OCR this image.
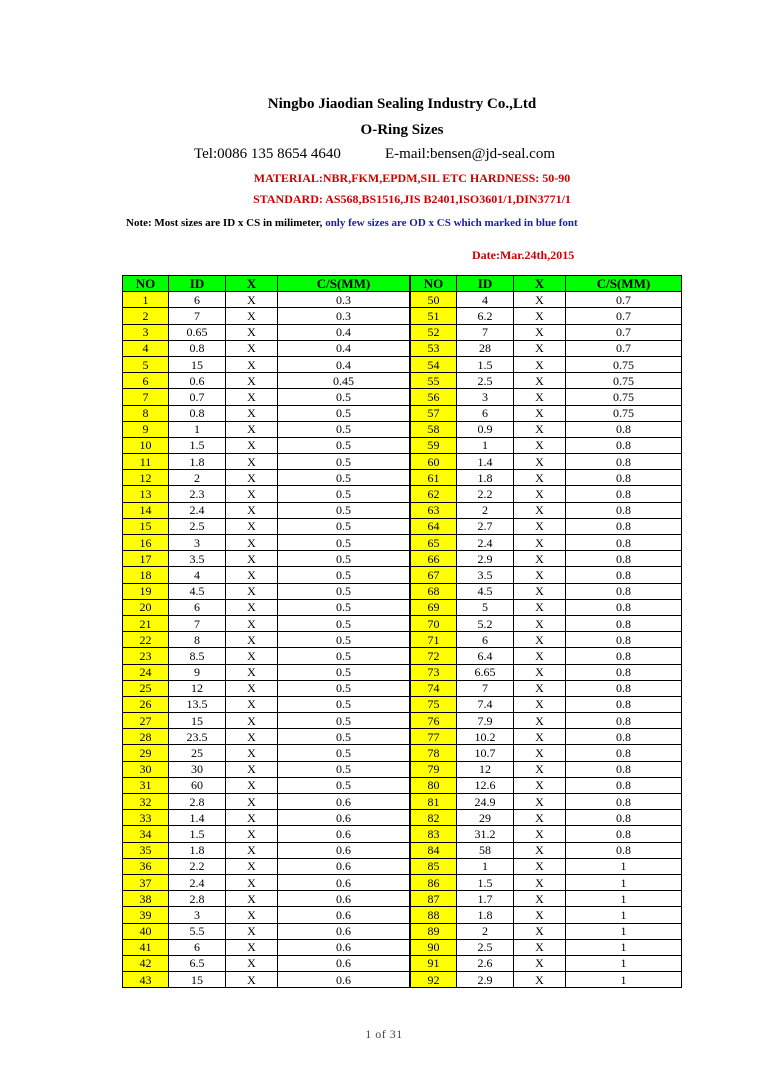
Ningbo Jiaodian Sealing Industry Co.,Ltd
O-Ring Sizes
Tel:0086 135 8654 4640	E-mail:bensen@jd-seal.com
MATERIAL:NBR,FKM,EPDM,SIL ETC HARDNESS: 50-90
STANDARD: AS568,BS1516,JIS B2401,ISO3601/1,DIN3771/1
Note: Most sizes are ID x CS in milimeter, only few sizes are OD x CS which marked in blue font
Date:Mar.24th,2015
NO	ID	X	C/S(MM)
1	6	X	0.3
2	7	X	0.3
3	0.65	X	0.4
4	0.8	X	0.4
5	15	X	0.4
6	0.6	X	0.45
7	0.7	X	0.5
8	0.8	X	0.5
9	1	X	0.5
10	1.5	X	0.5
11	1.8	X	0.5
12	2	X	0.5
13	2.3	X	0.5
14	2.4	X	0.5
15	2.5	X	0.5
16	3	X	0.5
17	3.5	X	0.5
18	4	X	0.5
19	4.5	X	0.5
20	6	X	0.5
21	7	X	0.5
22	8	X	0.5
23	8.5	X	0.5
24	9	X	0.5
25	12	X	0.5
26	13.5	X	0.5
27	15	X	0.5
28	23.5	X	0.5
29	25	X	0.5
30	30	X	0.5
31	60	X	0.5
32	2.8	X	0.6
33	1.4	X	0.6
34	1.5	X	0.6
35	1.8	X	0.6
36	2.2	X	0.6
37	2.4	X	0.6
38	2.8	X	0.6
39	3	X	0.6
40	5.5	X	0.6
41	6	X	0.6
42	6.5	X	0.6
43	15	X	0.6
NO	ID	X	C/S(MM)
50	4	X	0.7
51	6.2	X	0.7
52	7	X	0.7
53	28	X	0.7
54	1.5	X	0.75
55	2.5	X	0.75
56	3	X	0.75
57	6	X	0.75
58	0.9	X	0.8
59	1	X	0.8
60	1.4	X	0.8
61	1.8	X	0.8
62	2.2	X	0.8
63	2	X	0.8
64	2.7	X	0.8
65	2.4	X	0.8
66	2.9	X	0.8
67	3.5	X	0.8
68	4.5	X	0.8
69	5	X	0.8
70	5.2	X	0.8
71	6	X	0.8
72	6.4	X	0.8
73	6.65	X	0.8
74	7	X	0.8
75	7.4	X	0.8
76	7.9	X	0.8
77	10.2	X	0.8
78	10.7	X	0.8
79	12	X	0.8
80	12.6	X	0.8
81	24.9	X	0.8
82	29	X	0.8
83	31.2	X	0.8
84	58	X	0.8
85	1	X	1
86	1.5	X	1
87	1.7	X	1
88	1.8	X	1
89	2	X	1
90	2.5	X	1
91	2.6	X	1
92	2.9	X	1
1 of 31
